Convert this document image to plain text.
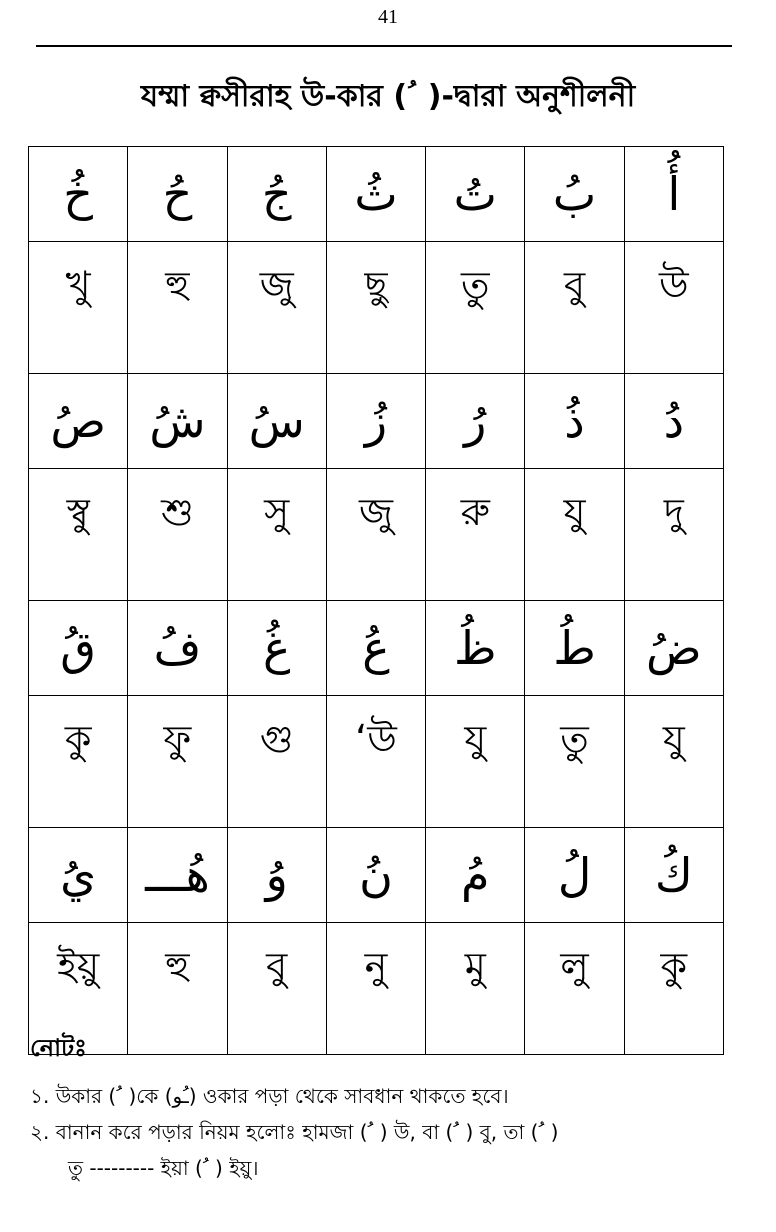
41
যম্মা ক্বসীরাহ উ-কার ( ُ )-দ্বারা অনুশীলনী
خُ	حُ	جُ	ثُ	تُ	بُ	أُ
খু	হু	জু	ছু	তু	বু	উ
صُ	شُ	سُ	زُ	رُ	ذُ	دُ
স্বু	শু	সু	জু	রু	যু	দু
قُ	فُ	غُ	عُ	ظُ	طُ	ضُ
কু	ফু	গু	‘উ	যু	তু	যু
يُ	هُـــ	وُ	نُ	مُ	لُ	كُ
ইয়ু	হু	বু	নু	মু	লু	কু
নোটঃ
১. উকার ( ُ )কে (ـُو) ওকার পড়া থেকে সাবধান থাকতে হবে।
২. বানান করে পড়ার নিয়ম হলোঃ হামজা ( ُ ) উ, বা ( ُ ) বু, তা ( ُ )
তু --------- ইয়া ( ُ ) ইয়ু।
